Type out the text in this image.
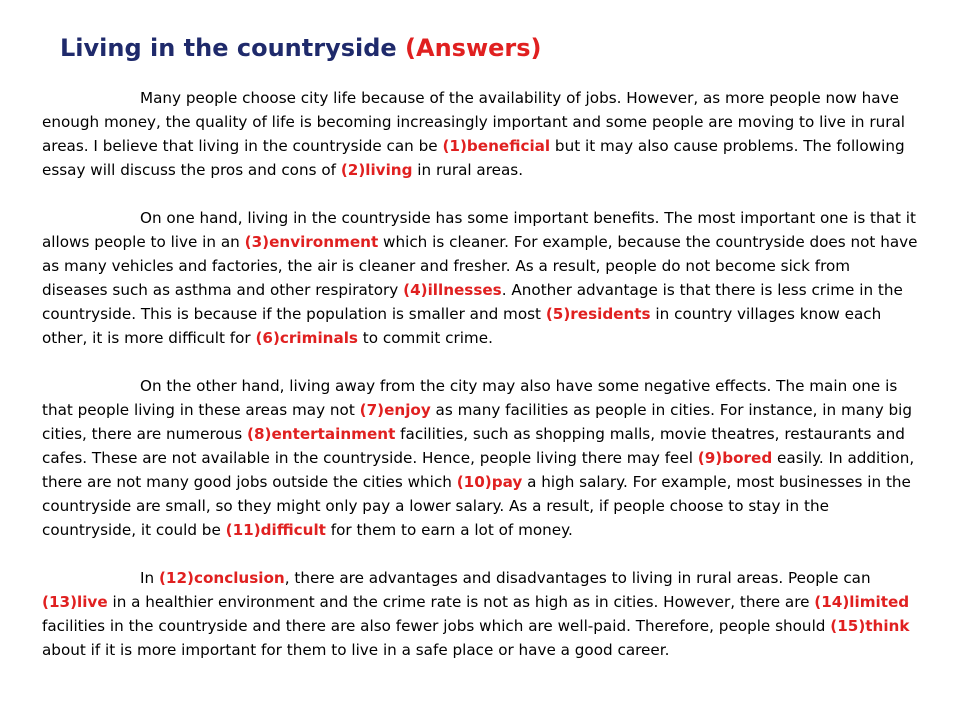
Living in the countryside (Answers)

Many people choose city life because of the availability of jobs. However, as more people now have enough money, the quality of life is becoming increasingly important and some people are moving to live in rural areas. I believe that living in the countryside can be (1)beneficial but it may also cause problems. The following essay will discuss the pros and cons of (2)living in rural areas.

On one hand, living in the countryside has some important benefits. The most important one is that it allows people to live in an (3)environment which is cleaner. For example, because the countryside does not have as many vehicles and factories, the air is cleaner and fresher. As a result, people do not become sick from diseases such as asthma and other respiratory (4)illnesses. Another advantage is that there is less crime in the countryside. This is because if the population is smaller and most (5)residents in country villages know each other, it is more difficult for (6)criminals to commit crime.

On the other hand, living away from the city may also have some negative effects. The main one is that people living in these areas may not (7)enjoy as many facilities as people in cities. For instance, in many big cities, there are numerous (8)entertainment facilities, such as shopping malls, movie theatres, restaurants and cafes. These are not available in the countryside. Hence, people living there may feel (9)bored easily. In addition, there are not many good jobs outside the cities which (10)pay a high salary. For example, most businesses in the countryside are small, so they might only pay a lower salary. As a result, if people choose to stay in the countryside, it could be (11)difficult for them to earn a lot of money.

In (12)conclusion, there are advantages and disadvantages to living in rural areas. People can (13)live in a healthier environment and the crime rate is not as high as in cities. However, there are (14)limited facilities in the countryside and there are also fewer jobs which are well-paid. Therefore, people should (15)think about if it is more important for them to live in a safe place or have a good career.
